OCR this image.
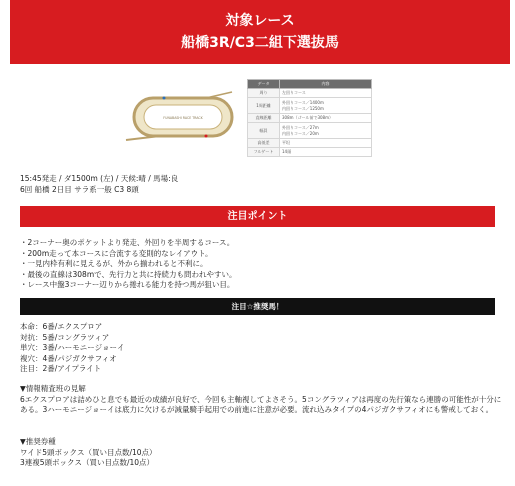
対象レース
船橋3R/C3二組下選抜馬
FUNABASHI RACE TRACK
データ	内容
周り	左回りコース
1周距離	外回りコース／1400m
内回りコース／1250m

直線距離	308m（ゴール前で308m）
幅員	外回りコース／27m
内回りコース／20m

高低差	平坦
フルゲート	14頭
15:45発走 / ダ1500m (左) / 天候:晴 / 馬場:良
6回 船橋 2日目 サラ系一般 C3 8頭
注目ポイント
・2コーナー奥のポケットより発走、外回りを半周するコース。
・200m走って本コースに合流する変則的なレイアウト。
・一見内枠有利に見えるが、外から揃われると不利に。
・最後の直線は308mで、先行力と共に持続力も問われやすい。
・レース中盤3コーナー辺りから捲れる能力を持つ馬が狙い目。
注目☆推奨馬！
本命：6番/エクスプロア
対抗：5番/コングラツィア
単穴：3番/ハーモニージョーイ
複穴：4番/パジガクサフィオ
注目：2番/アイプライト
▼情報精査班の見解
6エクスプロアは詰めひと息でも最近の成績が良好で、今回も主軸視してよさそう。5コングラツィアは再度の先行策なら連勝の可能性が十分にある。3ハーモニージョーイは底力に欠けるが減量騎手起用での前進に注意が必要。流れ込みタイプの4パジガクサフィオにも警戒しておく。
▼推奨券種
ワイド5頭ボックス（買い目点数/10点）
3連複5頭ボックス（買い目点数/10点）
